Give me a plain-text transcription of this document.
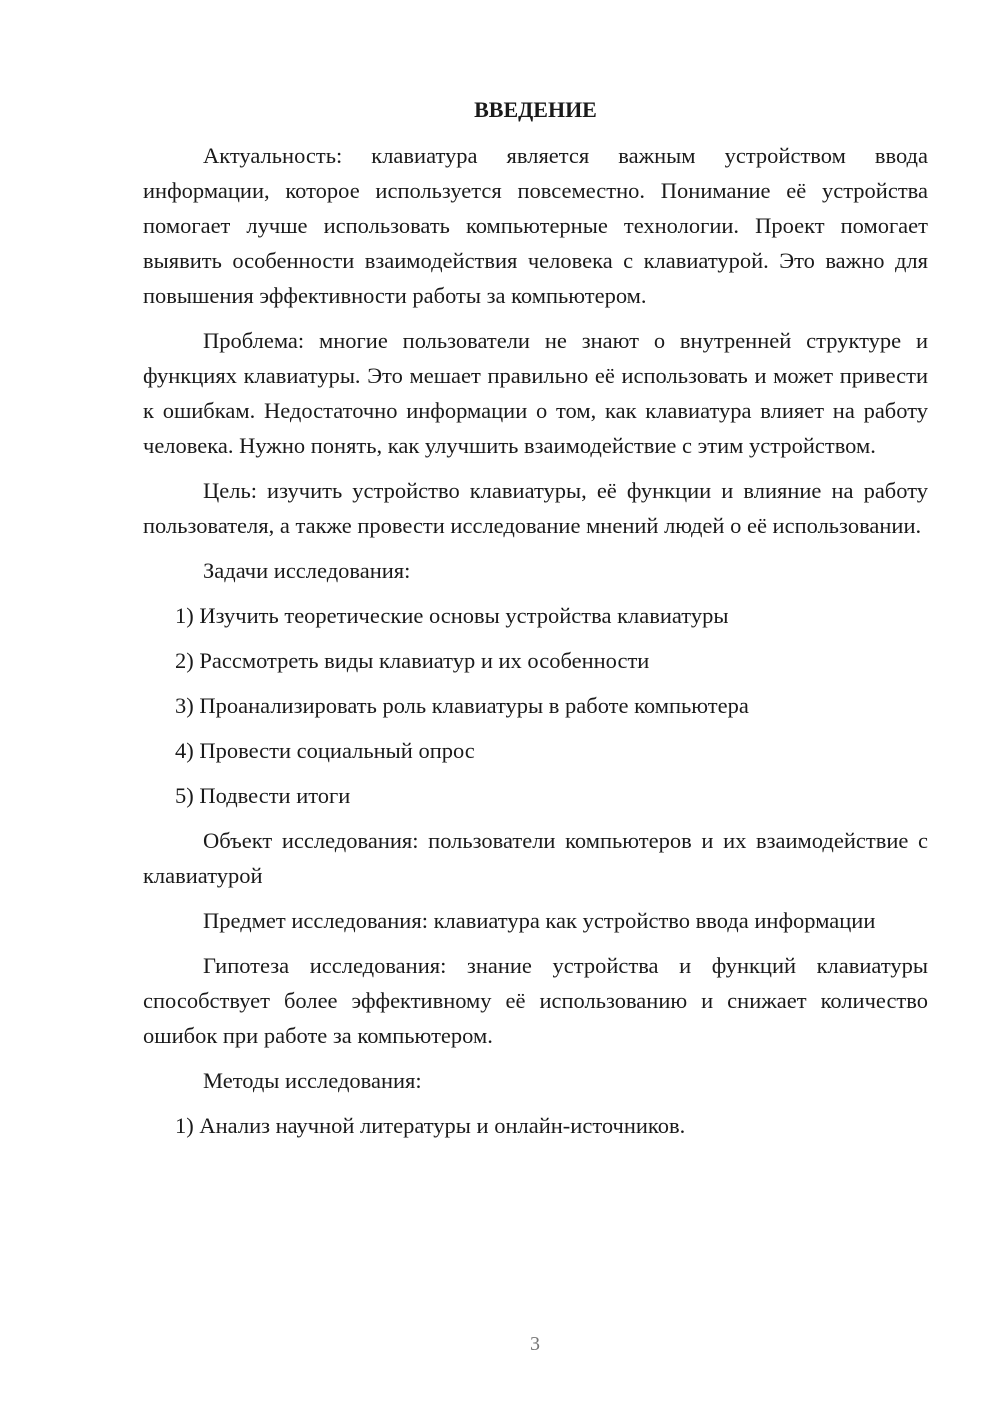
ВВЕДЕНИЕ

Актуальность: клавиатура является важным устройством ввода информации, которое используется повсеместно. Понимание её устройства помогает лучше использовать компьютерные технологии. Проект помогает выявить особенности взаимодействия человека с клавиатурой. Это важно для повышения эффективности работы за компьютером.

Проблема: многие пользователи не знают о внутренней структуре и функциях клавиатуры. Это мешает правильно её использовать и может привести к ошибкам. Недостаточно информации о том, как клавиатура влияет на работу человека. Нужно понять, как улучшить взаимодействие с этим устройством.

Цель: изучить устройство клавиатуры, её функции и влияние на работу пользователя, а также провести исследование мнений людей о её использовании.

Задачи исследования:

1) Изучить теоретические основы устройства клавиатуры

2) Рассмотреть виды клавиатур и их особенности

3) Проанализировать роль клавиатуры в работе компьютера

4) Провести социальный опрос

5) Подвести итоги

Объект исследования: пользователи компьютеров и их взаимодействие с клавиатурой

Предмет исследования: клавиатура как устройство ввода информации

Гипотеза исследования: знание устройства и функций клавиатуры способствует более эффективному её использованию и снижает количество ошибок при работе за компьютером.

Методы исследования:

1) Анализ научной литературы и онлайн-источников.

3
